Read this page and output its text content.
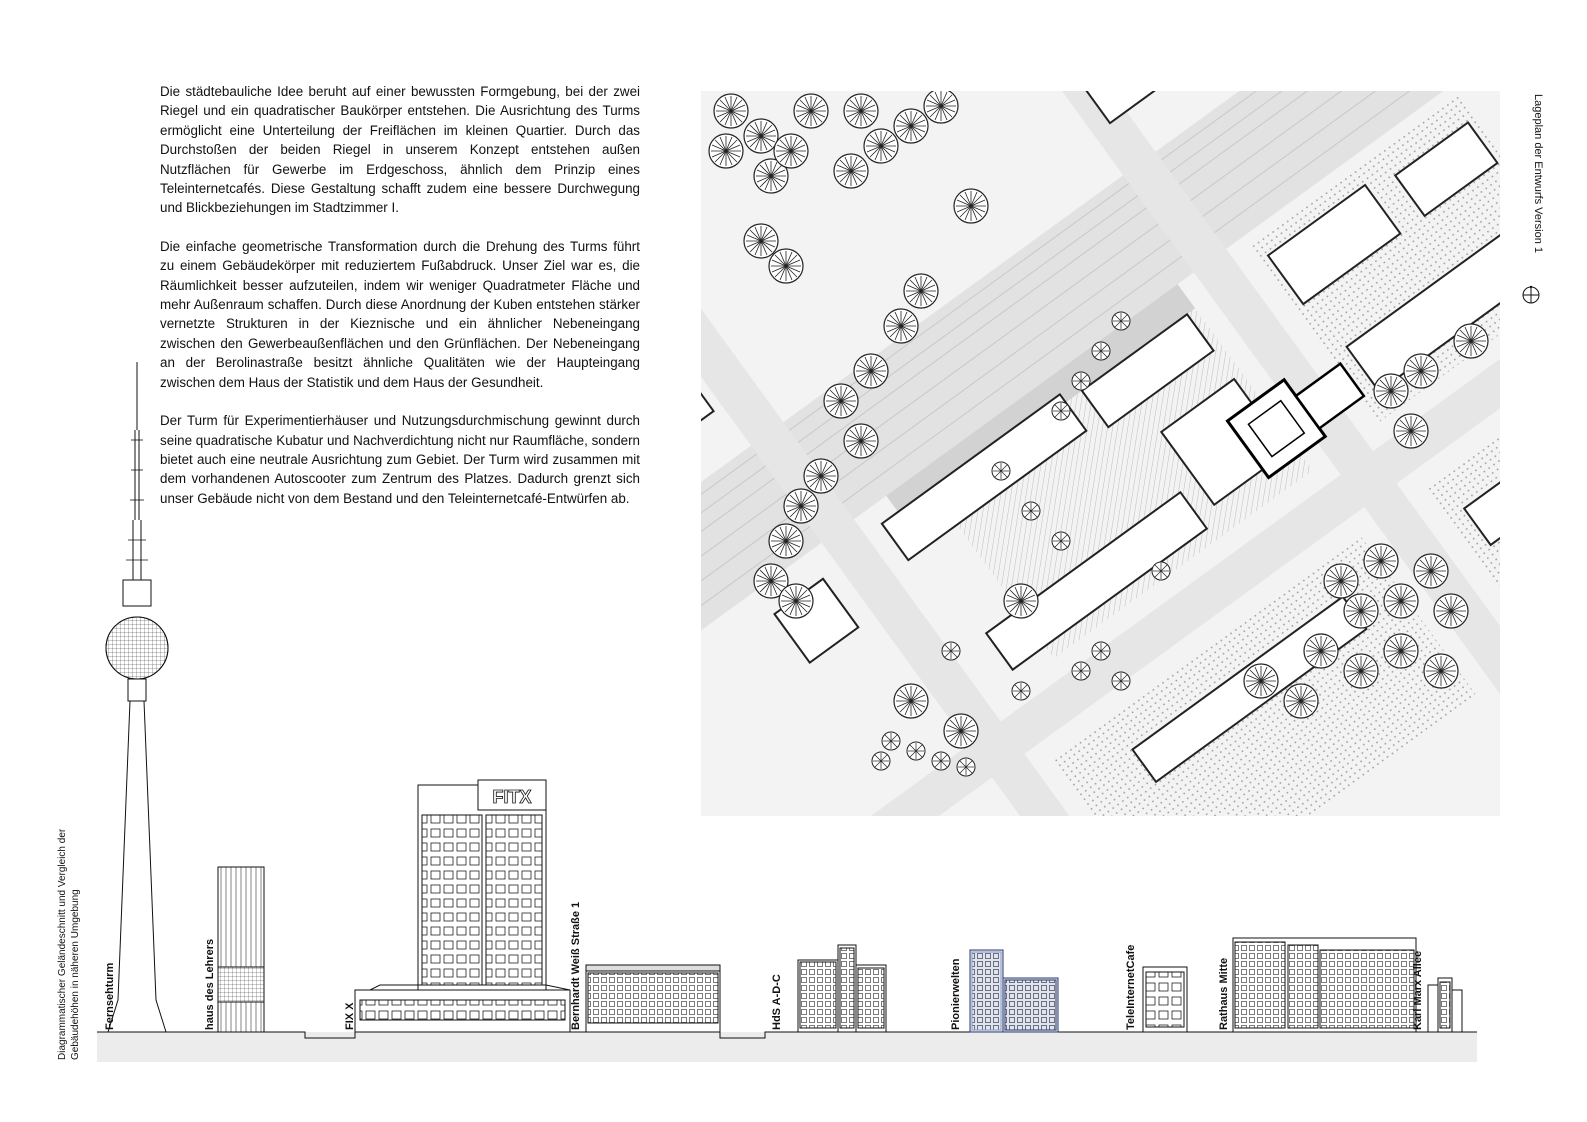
Die städtebauliche Idee beruht auf einer bewussten Formgebung, bei der zwei Riegel und ein quadratischer Baukörper entstehen. Die Ausrichtung des Turms ermöglicht eine Unterteilung der Freiflächen im kleinen Quartier. Durch das Durchstoßen der beiden Riegel in unserem Konzept entstehen außen Nutzflächen für Gewerbe im Erdgeschoss, ähnlich dem Prinzip eines Teleinternetcafés. Diese Gestaltung schafft zudem eine bessere Durchwegung und Blickbeziehungen im Stadtzimmer I.

Die einfache geometrische Transformation durch die Drehung des Turms führt zu einem Gebäudekörper mit reduziertem Fußabdruck. Unser Ziel war es, die Räumlichkeit besser aufzuteilen, indem wir weniger Quadratmeter Fläche und mehr Außenraum schaffen. Durch diese Anordnung der Kuben entstehen stärker vernetzte Strukturen in der Kieznische und ein ähnlicher Nebeneingang zwischen den Gewerbeaußenflächen und den Grünflächen. Der Nebeneingang an der Berolinastraße besitzt ähnliche Qualitäten wie der Haupteingang zwischen dem Haus der Statistik und dem Haus der Gesundheit.

Der Turm für Experimentierhäuser und Nutzungsdurchmischung gewinnt durch seine quadratische Kubatur und Nachverdichtung nicht nur Raumfläche, sondern bietet auch eine neutrale Ausrichtung zum Gebiet. Der Turm wird zusammen mit dem vorhandenen Autoscooter zum Zentrum des Platzes. Dadurch grenzt sich unser Gebäude nicht von dem Bestand und den Teleinternetcafé-Entwürfen ab.

Lageplan der Entwurfs Version 1
Diagrammatischer Geländeschnitt und Vergleich der Gebäudehöhen in näheren Umgebung
FITX
Fernsehturm	haus des Lehrers	FIX X	Bernhardt Weiß Straße 1	HdS A-D-C	Pionierwelten	TeleInternetCafe	Rathaus Mitte	Karl Marx Allee
